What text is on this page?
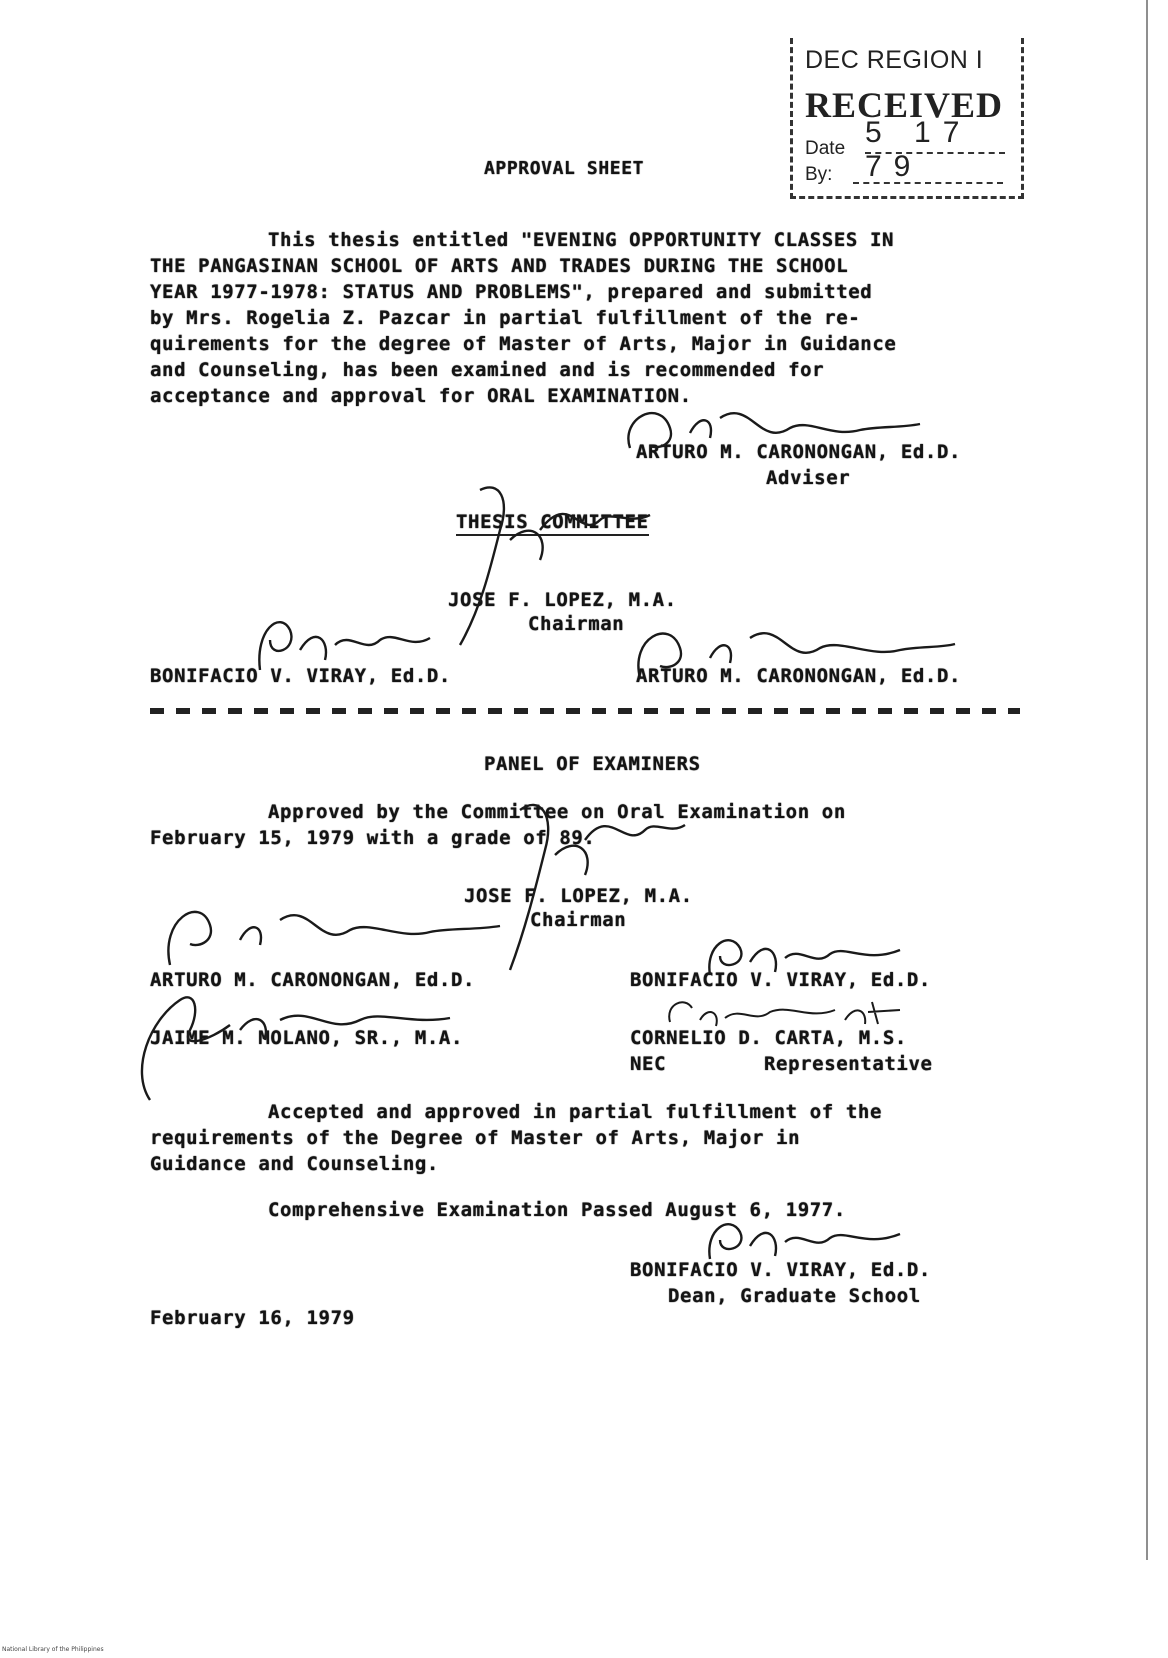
DEC REGION I
RECEIVED
5 17 79
Date
By:
APPROVAL SHEET
This thesis entitled "EVENING OPPORTUNITY CLASSES IN
THE PANGASINAN SCHOOL OF ARTS AND TRADES DURING THE SCHOOL
YEAR 1977-1978: STATUS AND PROBLEMS", prepared and submitted
by Mrs. Rogelia Z. Pazcar in partial fulfillment of the re-
quirements for the degree of Master of Arts, Major in Guidance
and Counseling, has been examined and is recommended for
acceptance and approval for ORAL EXAMINATION.
ARTURO M. CARONONGAN, Ed.D.
Adviser
THESIS COMMITTEE
JOSE F. LOPEZ, M.A.
Chairman
BONIFACIO V. VIRAY, Ed.D.	ARTURO M. CARONONGAN, Ed.D.
PANEL OF EXAMINERS
Approved by the Committee on Oral Examination on
February 15, 1979 with a grade of 89.
JOSE F. LOPEZ, M.A.
Chairman
ARTURO M. CARONONGAN, Ed.D.	BONIFACIO V. VIRAY, Ed.D.
JAIME M. MOLANO, SR., M.A.	CORNELIO D. CARTA, M.S.
NEC	Representative
Accepted and approved in partial fulfillment of the
requirements of the Degree of Master of Arts, Major in
Guidance and Counseling.
Comprehensive Examination Passed August 6, 1977.
BONIFACIO V. VIRAY, Ed.D.
Dean, Graduate School
February 16, 1979
National Library of the Philippines
